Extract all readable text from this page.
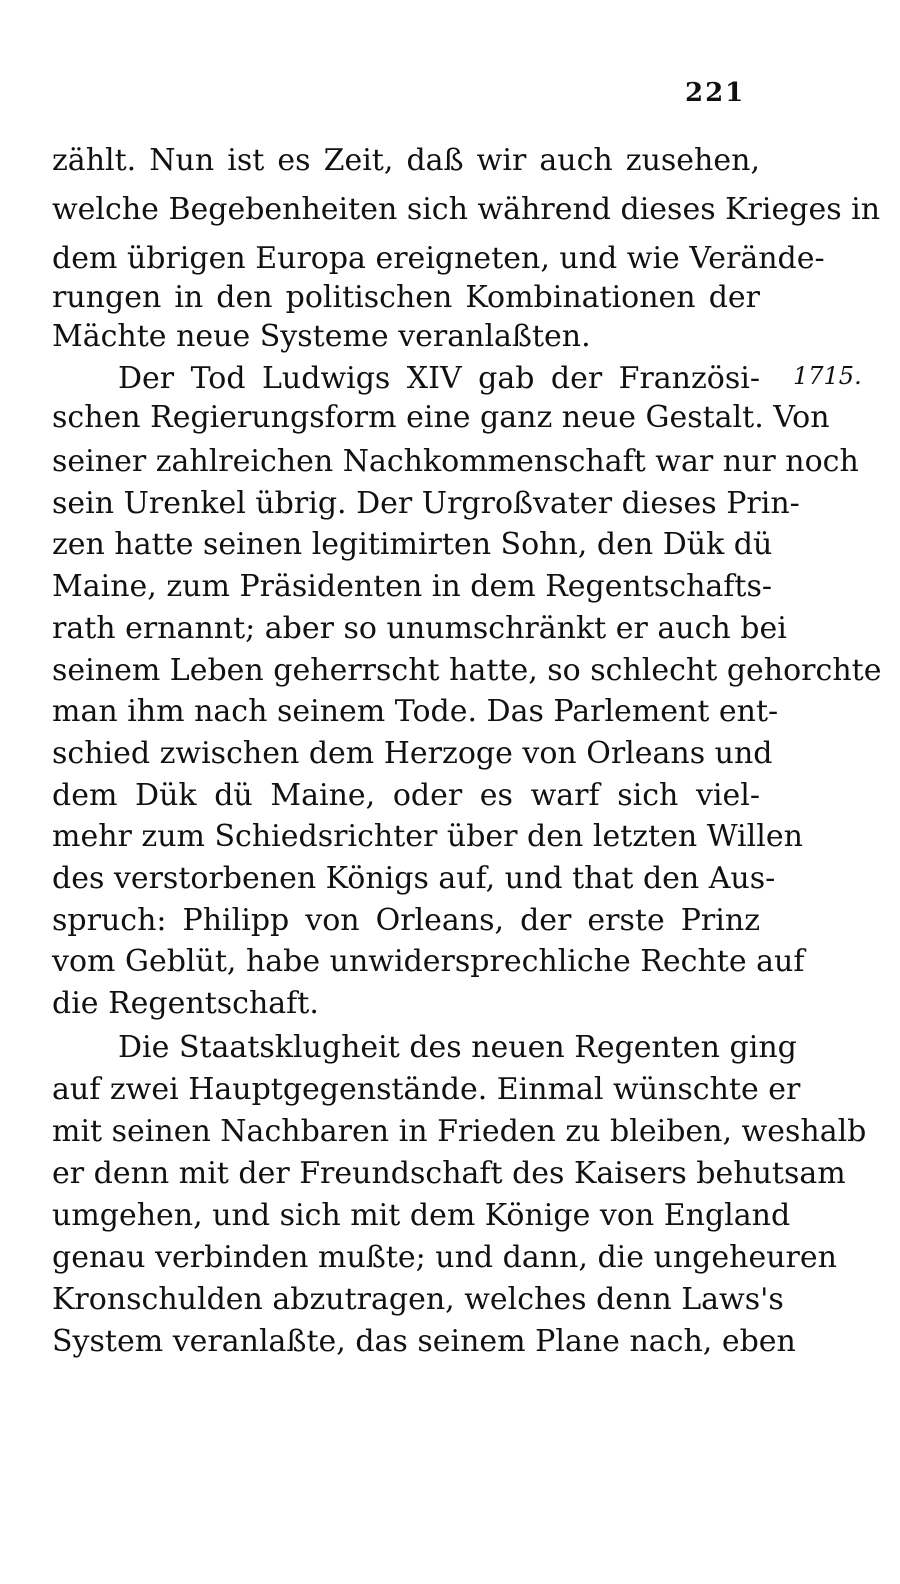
221
1715.
zählt. Nun ist es Zeit, daß wir auch zusehen,
welche Begebenheiten sich während dieses Krieges in
dem übrigen Europa ereigneten, und wie Verände-
rungen in den politischen Kombinationen der
Mächte neue Systeme veranlaßten.
Der Tod Ludwigs XIV gab der Französi-
schen Regierungsform eine ganz neue Gestalt. Von
seiner zahlreichen Nachkommenschaft war nur noch
sein Urenkel übrig. Der Urgroßvater dieses Prin-
zen hatte seinen legitimirten Sohn, den Dük dü
Maine, zum Präsidenten in dem Regentschafts-
rath ernannt; aber so unumschränkt er auch bei
seinem Leben geherrscht hatte, so schlecht gehorchte
man ihm nach seinem Tode. Das Parlement ent-
schied zwischen dem Herzoge von Orleans und
dem Dük dü Maine, oder es warf sich viel-
mehr zum Schiedsrichter über den letzten Willen
des verstorbenen Königs auf, und that den Aus-
spruch: Philipp von Orleans, der erste Prinz
vom Geblüt, habe unwidersprechliche Rechte auf
die Regentschaft.
Die Staatsklugheit des neuen Regenten ging
auf zwei Hauptgegenstände. Einmal wünschte er
mit seinen Nachbaren in Frieden zu bleiben, weshalb
er denn mit der Freundschaft des Kaisers behutsam
umgehen, und sich mit dem Könige von England
genau verbinden mußte; und dann, die ungeheuren
Kronschulden abzutragen, welches denn Laws's
System veranlaßte, das seinem Plane nach, eben
